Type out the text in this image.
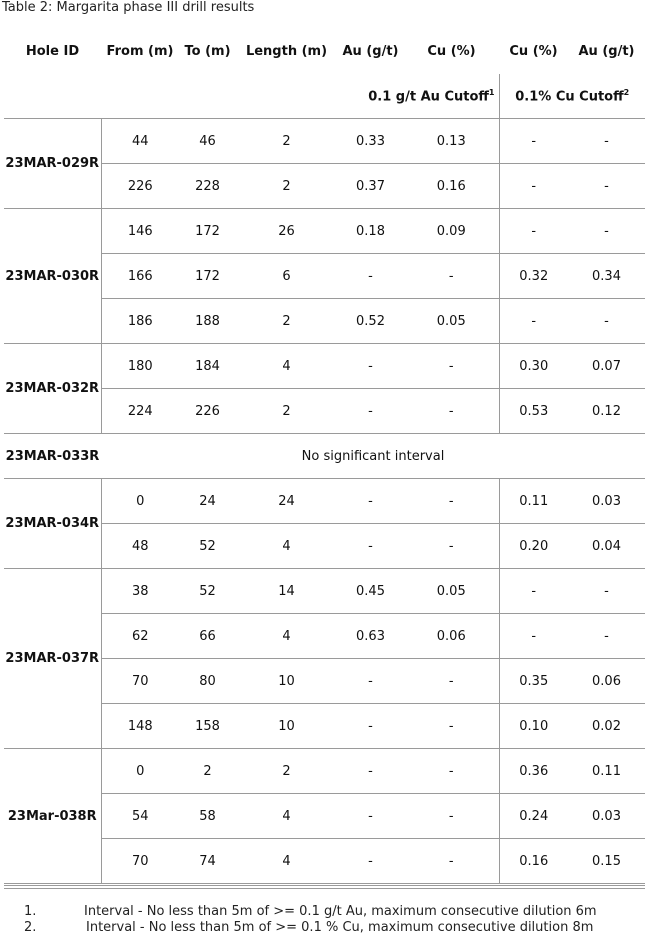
Table 2: Margarita phase III drill results
Hole ID	From (m)	To (m)	Length (m)	Au (g/t)	Cu (%)	Cu (%)	Au (g/t)
				0.1 g/t Au Cutoff$^1$		0.1% Cu Cutoff$^2$
23MAR-029R	44	46	2	0.33	0.13	-	-
	226	228	2	0.37	0.16	-	-
23MAR-030R	146	172	26	0.18	0.09	-	-
	166	172	6	-	-	0.32	0.34
	186	188	2	0.52	0.05	-	-
23MAR-032R	180	184	4	-	-	0.30	0.07
	224	226	2	-	-	0.53	0.12
23MAR-033R	No significant interval						
23MAR-034R	0	24	24	-	-	0.11	0.03
	48	52	4	-	-	0.20	0.04
23MAR-037R	38	52	14	0.45	0.05	-	-
	62	66	4	0.63	0.06	-	-
	70	80	10	-	-	0.35	0.06
	148	158	10	-	-	0.10	0.02
23Mar-038R	0	2	2	-	-	0.36	0.11
	54	58	4	-	-	0.24	0.03
	70	74	4	-	-	0.16	0.15
1.	Interval - No less than 5m of >= 0.1 g/t Au, maximum consecutive dilution 6m
2.	Interval - No less than 5m of >= 0.1 % Cu, maximum consecutive dilution 8m
